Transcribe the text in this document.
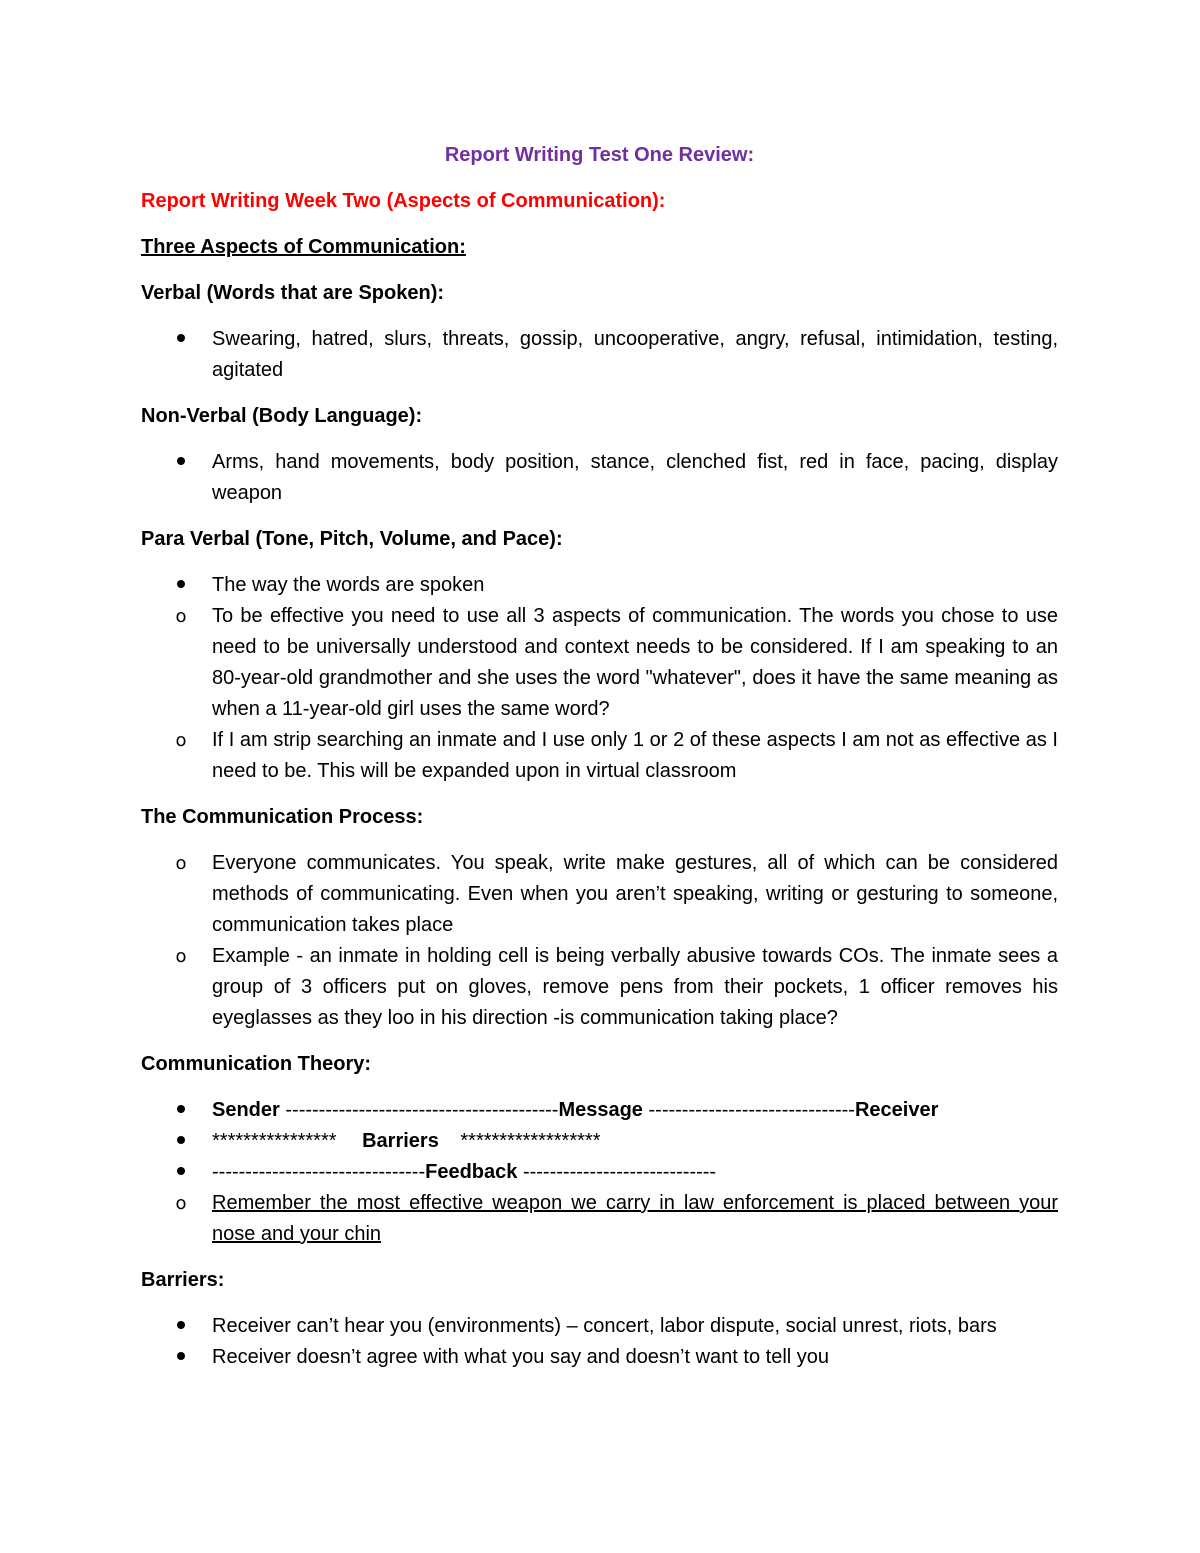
Report Writing Test One Review:
Report Writing Week Two (Aspects of Communication):
Three Aspects of Communication:
Verbal (Words that are Spoken):
Swearing, hatred, slurs, threats, gossip, uncooperative, angry, refusal, intimidation, testing, agitated
Non-Verbal (Body Language):
Arms, hand movements, body position, stance, clenched fist, red in face, pacing, display weapon
Para Verbal (Tone, Pitch, Volume, and Pace):
The way the words are spoken
o To be effective you need to use all 3 aspects of communication. The words you chose to use need to be universally understood and context needs to be considered. If I am speaking to an 80-year-old grandmother and she uses the word "whatever", does it have the same meaning as when a 11-year-old girl uses the same word?
o If I am strip searching an inmate and I use only 1 or 2 of these aspects I am not as effective as I need to be. This will be expanded upon in virtual classroom
The Communication Process:
o Everyone communicates. You speak, write make gestures, all of which can be considered methods of communicating. Even when you aren’t speaking, writing or gesturing to someone, communication takes place
o Example - an inmate in holding cell is being verbally abusive towards COs. The inmate sees a group of 3 officers put on gloves, remove pens from their pockets, 1 officer removes his eyeglasses as they loo in his direction -is communication taking place?
Communication Theory:
Sender -----------------------------------------Message -------------------------------Receiver
**************** Barriers ******************
--------------------------------Feedback -----------------------------
o Remember the most effective weapon we carry in law enforcement is placed between your nose and your chin
Barriers:
Receiver can’t hear you (environments) – concert, labor dispute, social unrest, riots, bars
Receiver doesn’t agree with what you say and doesn’t want to tell you
